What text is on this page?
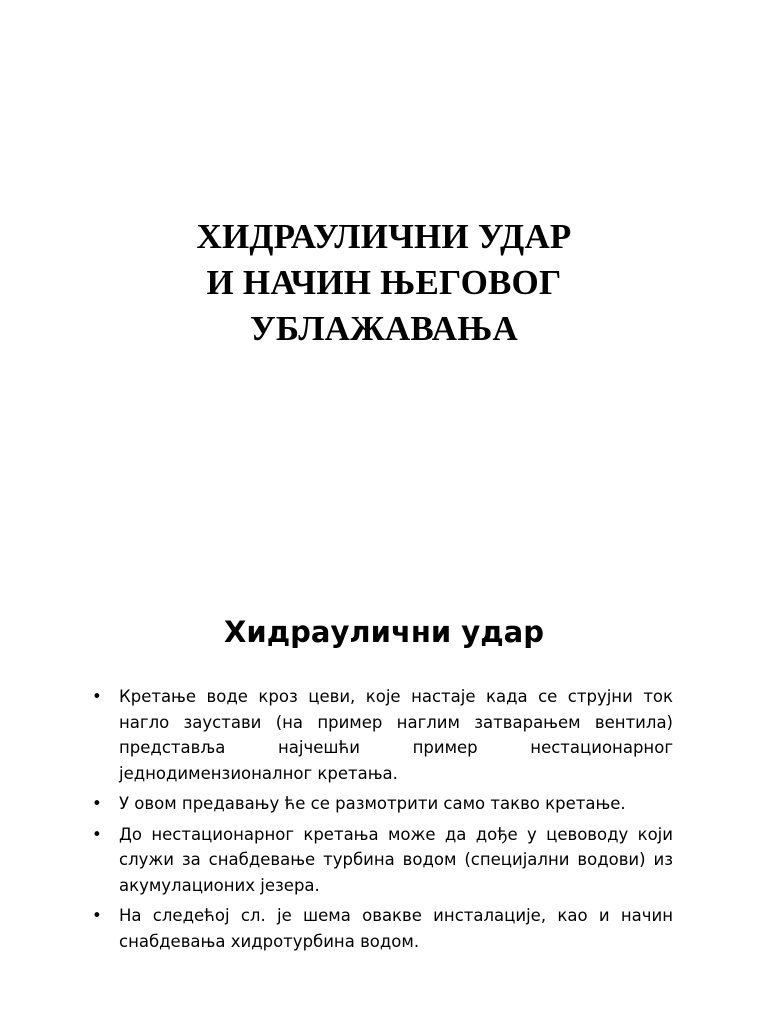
ХИДРАУЛИЧНИ УДАР
И НАЧИН ЊЕГОВОГ
УБЛАЖАВАЊА
Хидраулични удар
• Кретање воде кроз цеви, које настаје када се струјни ток нагло заустави (на пример наглим затварањем вентила) представља најчешћи пример нестационарног једнодимензионалног кретања.
• У овом предавању ће се размотрити само такво кретање.
• До нестационарног кретања може да дође у цевоводу који служи за снабдевање турбина водом (специјални водови) из акумулационих језера.
• На следећој сл. је шема овакве инсталације, као и начин снабдевања хидротурбина водом.
